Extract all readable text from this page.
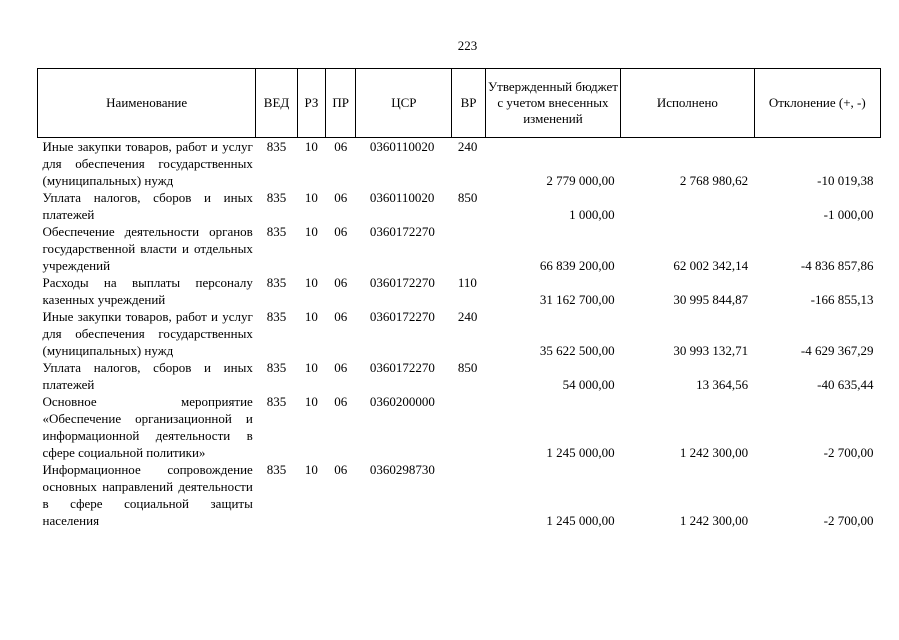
223
Наименование	ВЕД	РЗ	ПР	ЦСР	ВР	Утвержденный бюджет с учетом внесенных изменений	Исполнено	Отклонение (+, -)
Иные закупки товаров, работ и услуг для обеспечения государственных (муниципальных) нужд	835	10	06	0360110020	240	2 779 000,00	2 768 980,62	-10 019,38
Уплата налогов, сборов и иных платежей	835	10	06	0360110020	850	1 000,00		-1 000,00
Обеспечение деятельности органов государственной власти и отдельных учреждений	835	10	06	0360172270		66 839 200,00	62 002 342,14	-4 836 857,86
Расходы на выплаты персоналу казенных учреждений	835	10	06	0360172270	110	31 162 700,00	30 995 844,87	-166 855,13
Иные закупки товаров, работ и услуг для обеспечения государственных (муниципальных) нужд	835	10	06	0360172270	240	35 622 500,00	30 993 132,71	-4 629 367,29
Уплата налогов, сборов и иных платежей	835	10	06	0360172270	850	54 000,00	13 364,56	-40 635,44
Основное мероприятие «Обеспечение организационной и информационной деятельности в сфере социальной политики»	835	10	06	0360200000		1 245 000,00	1 242 300,00	-2 700,00
Информационное сопровождение основных направлений деятельности в сфере социальной защиты населения	835	10	06	0360298730		1 245 000,00	1 242 300,00	-2 700,00
